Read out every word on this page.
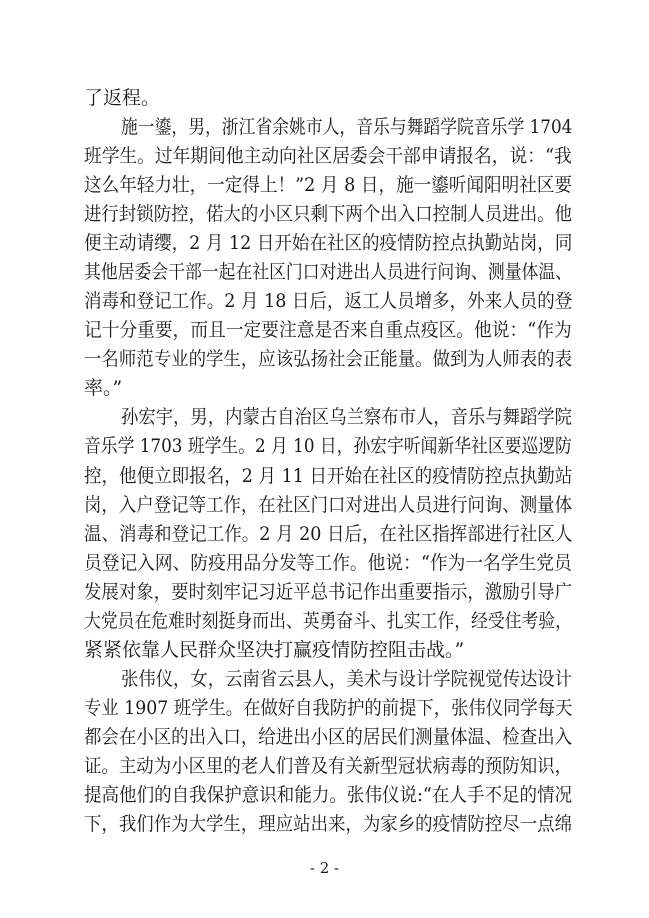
了返程。
施一鎏，男，浙江省余姚市人，音乐与舞蹈学院音乐学 1704
班学生。过年期间他主动向社区居委会干部申请报名，说：“我
这么年轻力壮，一定得上！”2 月 8 日，施一鎏听闻阳明社区要
进行封锁防控，偌大的小区只剩下两个出入口控制人员进出。他
便主动请缨，2 月 12 日开始在社区的疫情防控点执勤站岗，同
其他居委会干部一起在社区门口对进出人员进行问询、测量体温、
消毒和登记工作。2 月 18 日后，返工人员增多，外来人员的登
记十分重要，而且一定要注意是否来自重点疫区。他说：“作为
一名师范专业的学生，应该弘扬社会正能量。做到为人师表的表
率。”
孙宏宇，男，内蒙古自治区乌兰察布市人，音乐与舞蹈学院
音乐学 1703 班学生。2 月 10 日，孙宏宇听闻新华社区要巡逻防
控，他便立即报名，2 月 11 日开始在社区的疫情防控点执勤站
岗，入户登记等工作，在社区门口对进出人员进行问询、测量体
温、消毒和登记工作。2 月 20 日后，在社区指挥部进行社区人
员登记入网、防疫用品分发等工作。他说：“作为一名学生党员
发展对象，要时刻牢记习近平总书记作出重要指示，激励引导广
大党员在危难时刻挺身而出、英勇奋斗、扎实工作，经受住考验，
紧紧依靠人民群众坚决打赢疫情防控阻击战。”
张伟仪，女，云南省云县人，美术与设计学院视觉传达设计
专业 1907 班学生。在做好自我防护的前提下，张伟仪同学每天
都会在小区的出入口，给进出小区的居民们测量体温、检查出入
证。主动为小区里的老人们普及有关新型冠状病毒的预防知识，
提高他们的自我保护意识和能力。张伟仪说:“在人手不足的情况
下，我们作为大学生，理应站出来，为家乡的疫情防控尽一点绵
- 2 -
